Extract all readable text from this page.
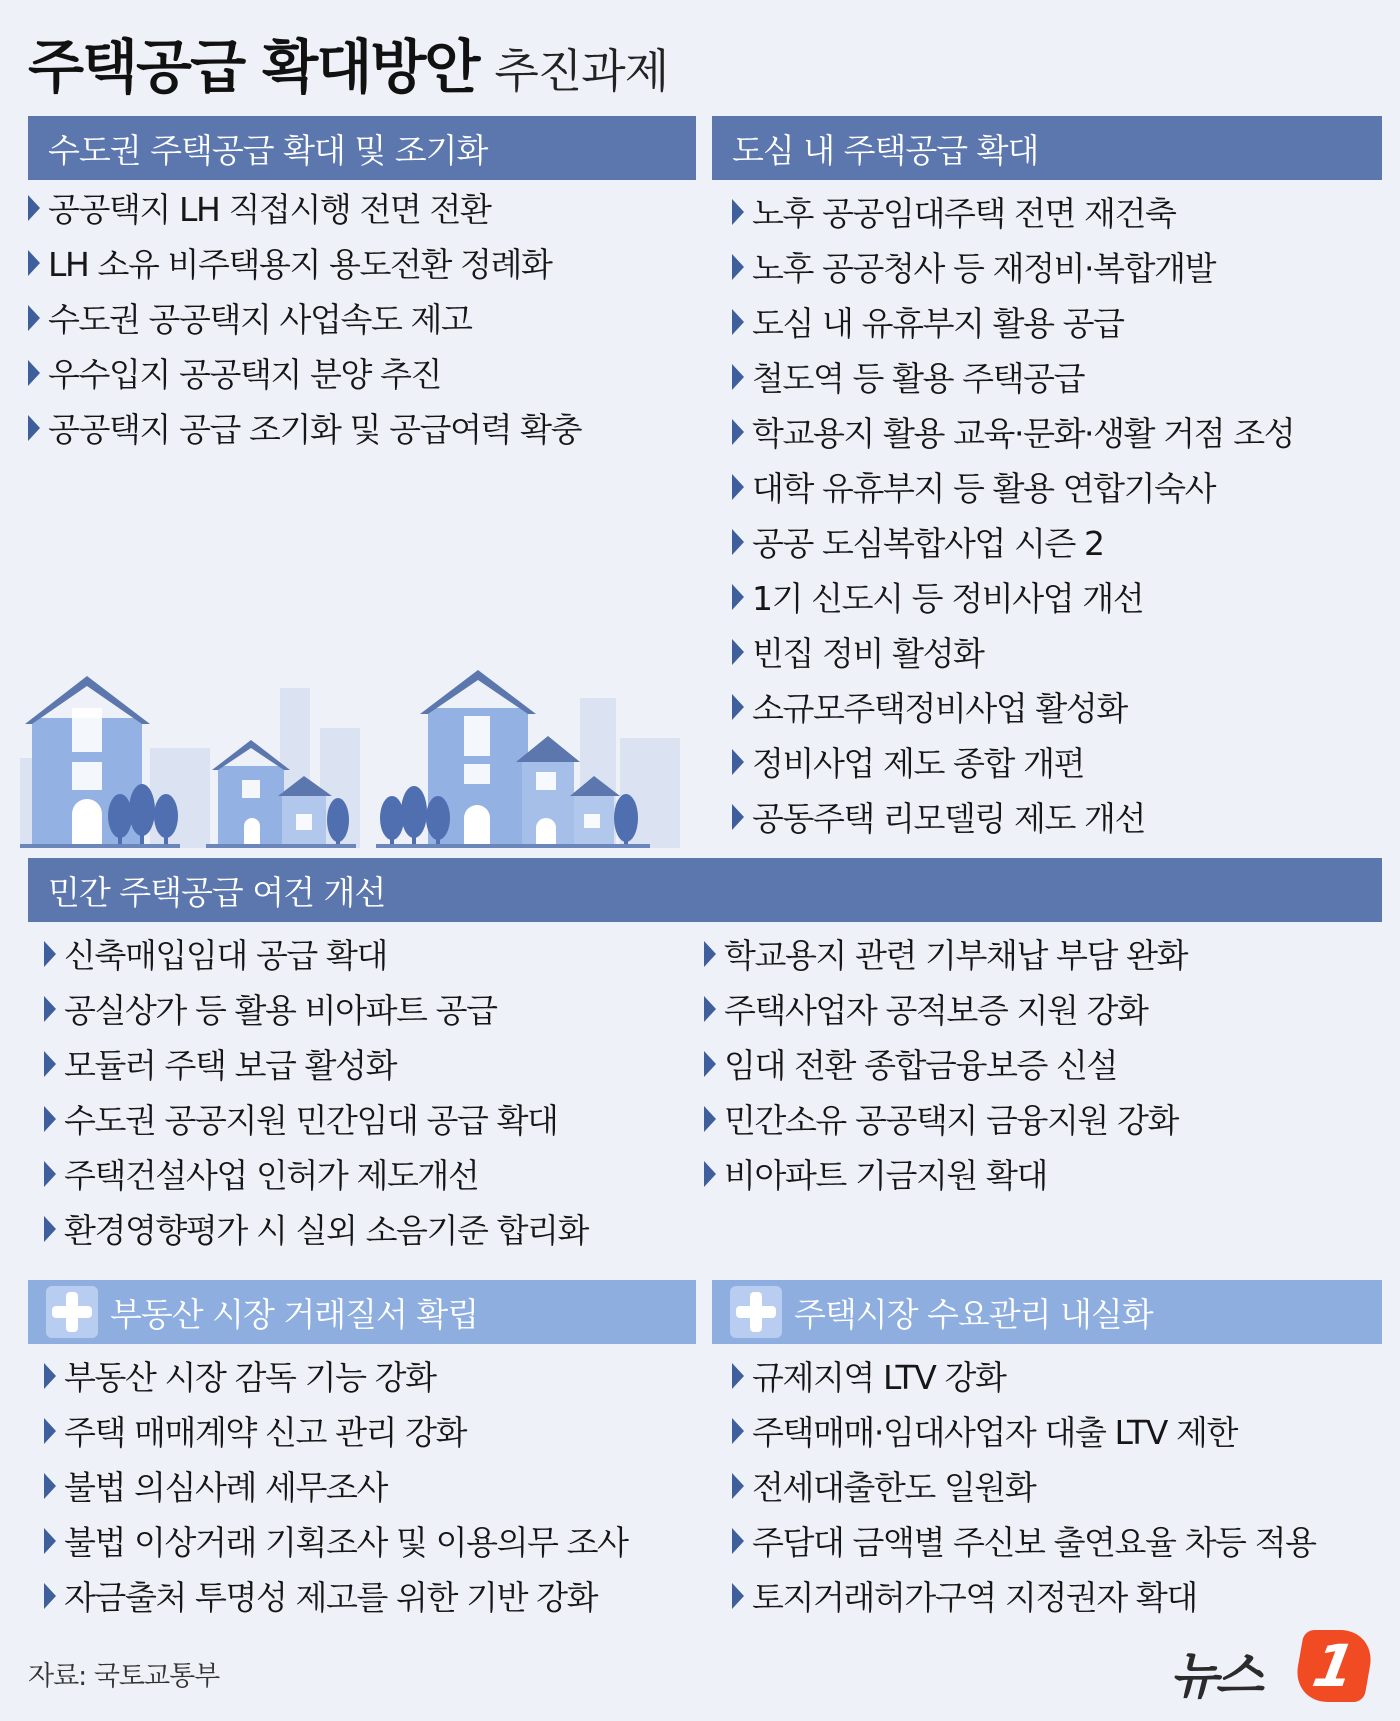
주택공급 확대방안 추진과제
수도권 주택공급 확대 및 조기화
공공택지 LH 직접시행 전면 전환
LH 소유 비주택용지 용도전환 정례화
수도권 공공택지 사업속도 제고
우수입지 공공택지 분양 추진
공공택지 공급 조기화 및 공급여력 확충
도심 내 주택공급 확대
노후 공공임대주택 전면 재건축
노후 공공청사 등 재정비·복합개발
도심 내 유휴부지 활용 공급
철도역 등 활용 주택공급
학교용지 활용 교육·문화·생활 거점 조성
대학 유휴부지 등 활용 연합기숙사
공공 도심복합사업 시즌 2
1기 신도시 등 정비사업 개선
빈집 정비 활성화
소규모주택정비사업 활성화
정비사업 제도 종합 개편
공동주택 리모델링 제도 개선
민간 주택공급 여건 개선
신축매입임대 공급 확대
공실상가 등 활용 비아파트 공급
모듈러 주택 보급 활성화
수도권 공공지원 민간임대 공급 확대
주택건설사업 인허가 제도개선
환경영향평가 시 실외 소음기준 합리화
학교용지 관련 기부채납 부담 완화
주택사업자 공적보증 지원 강화
임대 전환 종합금융보증 신설
민간소유 공공택지 금융지원 강화
비아파트 기금지원 확대
부동산 시장 거래질서 확립
부동산 시장 감독 기능 강화
주택 매매계약 신고 관리 강화
불법 의심사례 세무조사
불법 이상거래 기획조사 및 이용의무 조사
자금출처 투명성 제고를 위한 기반 강화
주택시장 수요관리 내실화
규제지역 LTV 강화
주택매매·임대사업자 대출 LTV 제한
전세대출한도 일원화
주담대 금액별 주신보 출연요율 차등 적용
토지거래허가구역 지정권자 확대
자료: 국토교통부	뉴스 1
